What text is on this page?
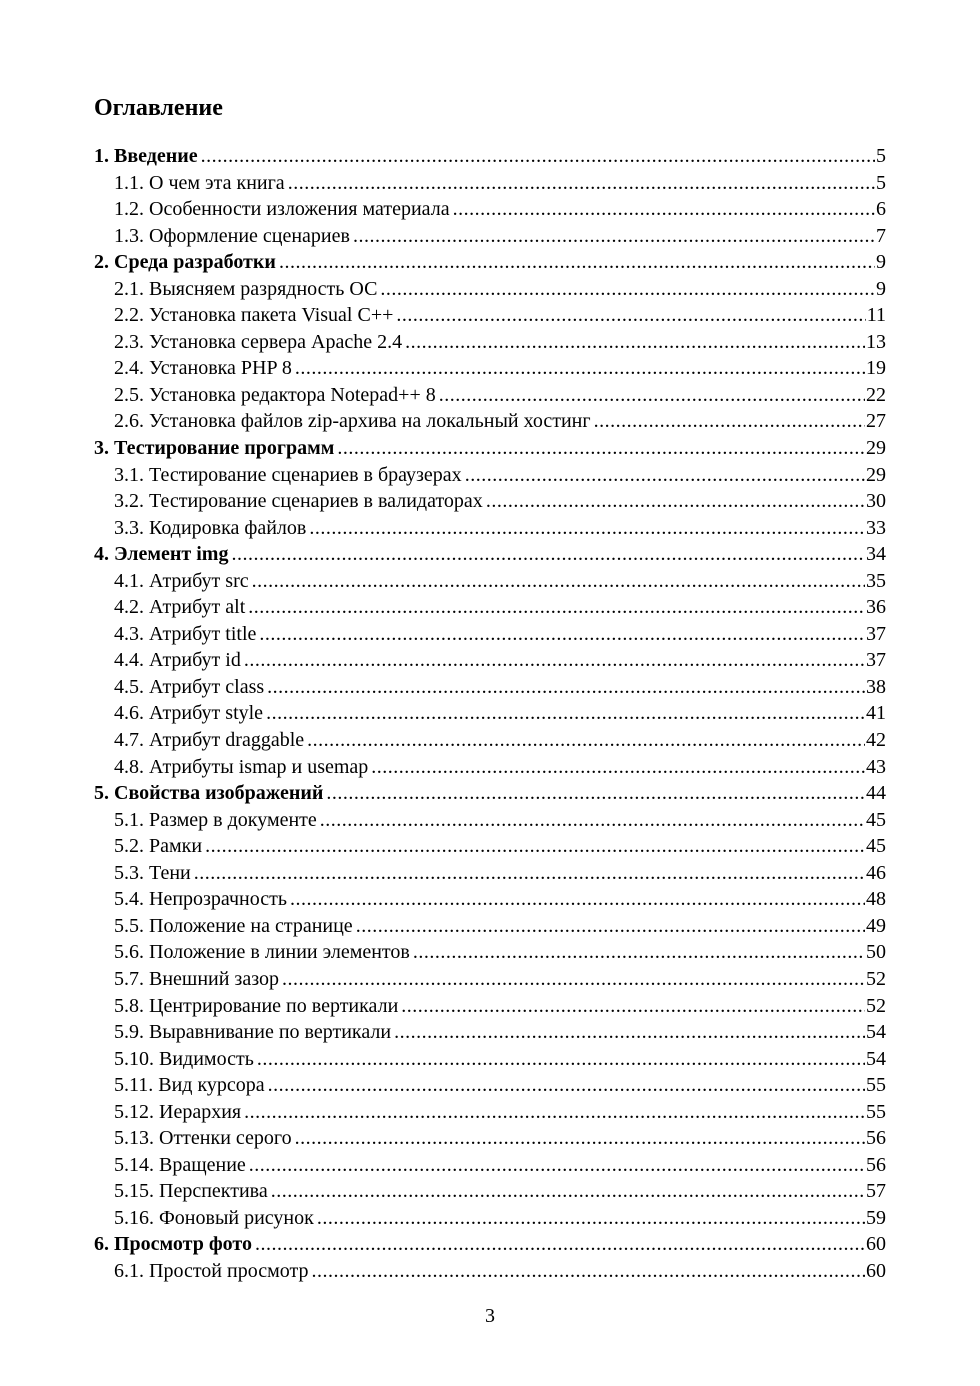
Оглавление
1. Введение .....	5
1.1. О чем эта книга .....	5
1.2. Особенности изложения материала .....	6
1.3. Оформление сценариев .....	7
2. Среда разработки .....	9
2.1. Выясняем разрядность ОС .....	9
2.2. Установка пакета Visual C++ .....	11
2.3. Установка сервера Apache 2.4 .....	13
2.4. Установка PHP 8 .....	19
2.5. Установка редактора Notepad++ 8 .....	22
2.6. Установка файлов zip-архива на локальный хостинг .....	27
3. Тестирование программ .....	29
3.1. Тестирование сценариев в браузерах .....	29
3.2. Тестирование сценариев в валидаторах .....	30
3.3. Кодировка файлов .....	33
4. Элемент img .....	34
4.1. Атрибут src .....	35
4.2. Атрибут alt .....	36
4.3. Атрибут title .....	37
4.4. Атрибут id .....	37
4.5. Атрибут class .....	38
4.6. Атрибут style .....	41
4.7. Атрибут draggable .....	42
4.8. Атрибуты ismap и usemap .....	43
5. Свойства изображений .....	44
5.1. Размер в документе .....	45
5.2. Рамки .....	45
5.3. Тени .....	46
5.4. Непрозрачность .....	48
5.5. Положение на странице .....	49
5.6. Положение в линии элементов .....	50
5.7. Внешний зазор .....	52
5.8. Центрирование по вертикали .....	52
5.9. Выравнивание по вертикали .....	54
5.10. Видимость .....	54
5.11. Вид курсора .....	55
5.12. Иерархия .....	55
5.13. Оттенки серого .....	56
5.14. Вращение .....	56
5.15. Перспектива .....	57
5.16. Фоновый рисунок .....	59
6. Просмотр фото .....	60
6.1. Простой просмотр .....	60
3
